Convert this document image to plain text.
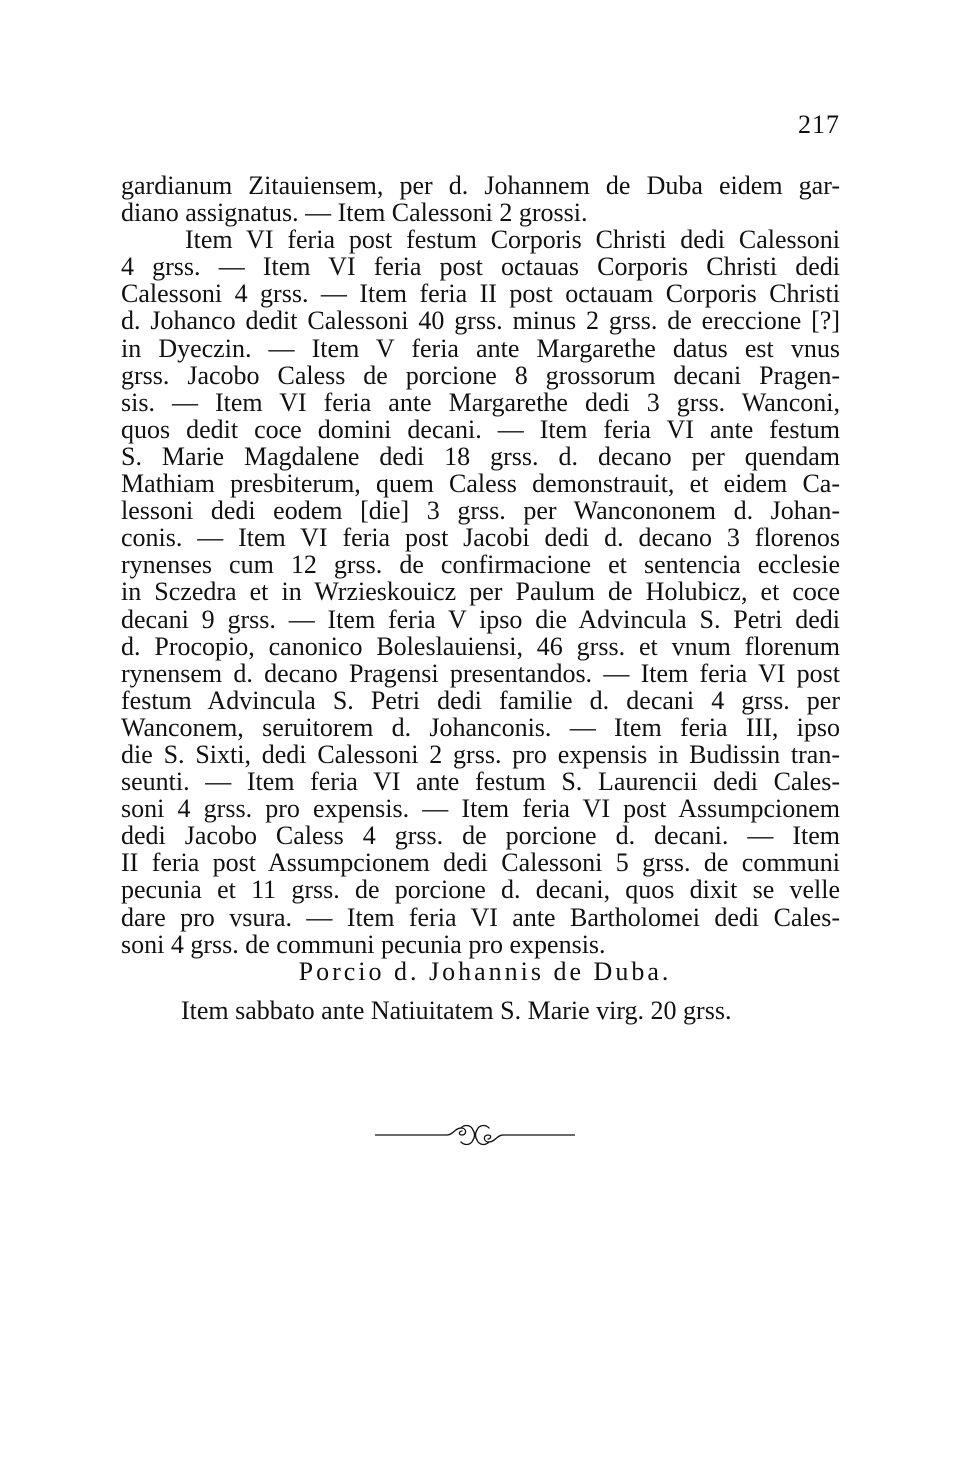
217
gardianum Zitauiensem, per d. Johannem de Duba eidem gar-
diano assignatus. — Item Calessoni 2 grossi.
Item VI feria post festum Corporis Christi dedi Calessoni
4 grss. — Item VI feria post octauas Corporis Christi dedi
Calessoni 4 grss. — Item feria II post octauam Corporis Christi
d. Johanco dedit Calessoni 40 grss. minus 2 grss. de ereccione [?]
in Dyeczin. — Item V feria ante Margarethe datus est vnus
grss. Jacobo Caless de porcione 8 grossorum decani Pragen-
sis. — Item VI feria ante Margarethe dedi 3 grss. Wanconi,
quos dedit coce domini decani. — Item feria VI ante festum
S. Marie Magdalene dedi 18 grss. d. decano per quendam
Mathiam presbiterum, quem Caless demonstrauit, et eidem Ca-
lessoni dedi eodem [die] 3 grss. per Wancononem d. Johan-
conis. — Item VI feria post Jacobi dedi d. decano 3 florenos
rynenses cum 12 grss. de confirmacione et sentencia ecclesie
in Sczedra et in Wrzieskouicz per Paulum de Holubicz, et coce
decani 9 grss. — Item feria V ipso die Advincula S. Petri dedi
d. Procopio, canonico Boleslauiensi, 46 grss. et vnum florenum
rynensem d. decano Pragensi presentandos. — Item feria VI post
festum Advincula S. Petri dedi familie d. decani 4 grss. per
Wanconem, seruitorem d. Johanconis. — Item feria III, ipso
die S. Sixti, dedi Calessoni 2 grss. pro expensis in Budissin tran-
seunti. — Item feria VI ante festum S. Laurencii dedi Cales-
soni 4 grss. pro expensis. — Item feria VI post Assumpcionem
dedi Jacobo Caless 4 grss. de porcione d. decani. — Item
II feria post Assumpcionem dedi Calessoni 5 grss. de communi
pecunia et 11 grss. de porcione d. decani, quos dixit se velle
dare pro vsura. — Item feria VI ante Bartholomei dedi Cales-
soni 4 grss. de communi pecunia pro expensis.
Porcio d. Johannis de Duba.
Item sabbato ante Natiuitatem S. Marie virg. 20 grss.
